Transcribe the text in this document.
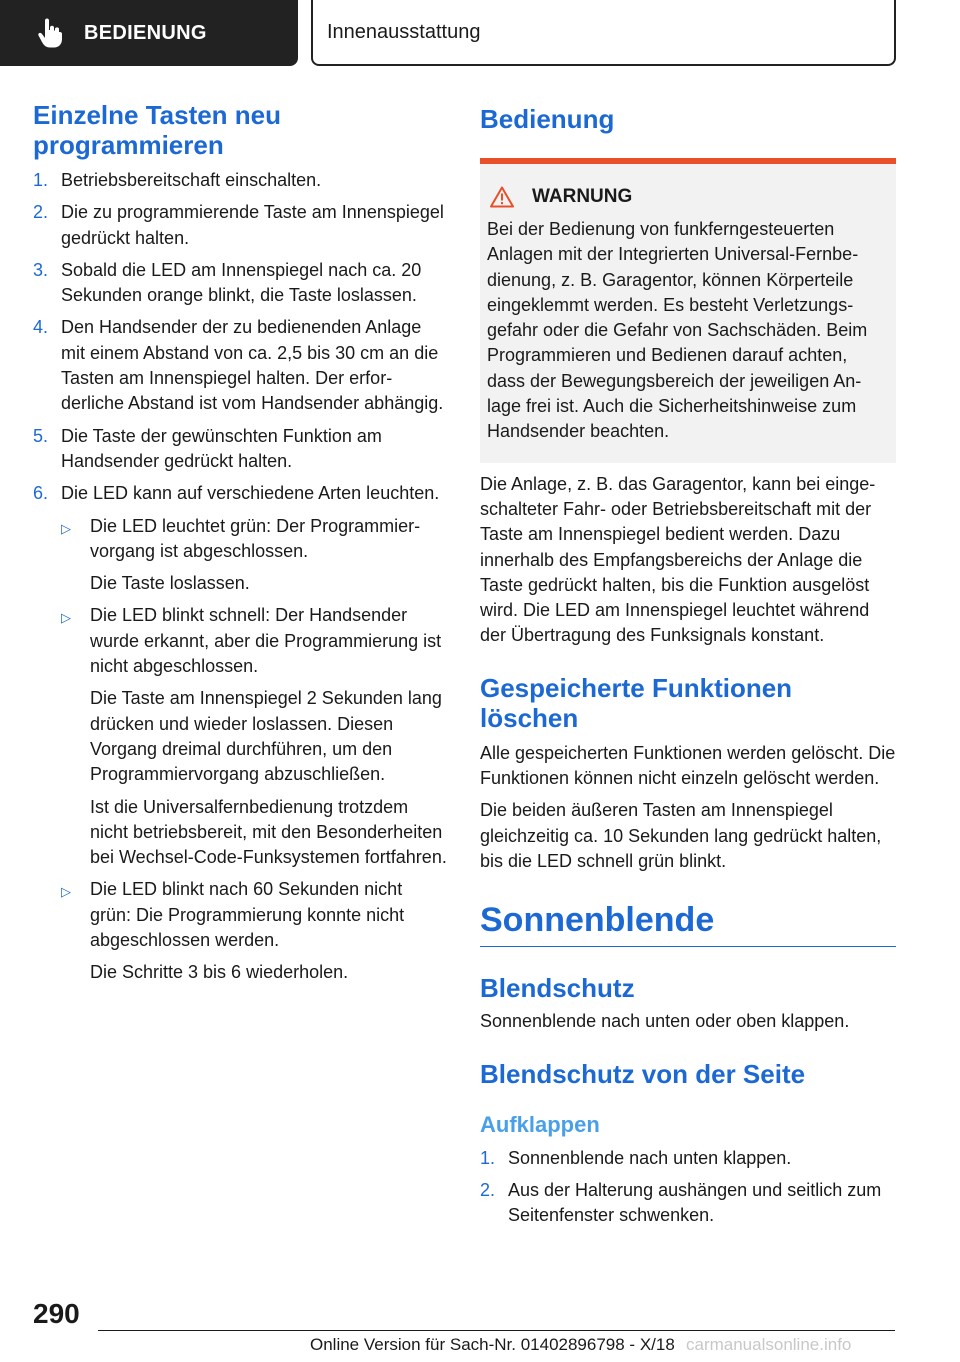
BEDIENUNG	Innenausstattung
Einzelne Tasten neu programmieren
1. Betriebsbereitschaft einschalten.
2. Die zu programmierende Taste am Innenspiegel gedrückt halten.
3. Sobald die LED am Innenspiegel nach ca. 20 Sekunden orange blinkt, die Taste loslassen.
4. Den Handsender der zu bedienenden Anlage mit einem Abstand von ca. 2,5 bis 30 cm an die Tasten am Innenspiegel halten. Der erforderliche Abstand ist vom Handsender abhängig.
5. Die Taste der gewünschten Funktion am Handsender gedrückt halten.
6. Die LED kann auf verschiedene Arten leuchten.
▷	Die LED leuchtet grün: Der Programmiervorgang ist abgeschlossen.
Die Taste loslassen.
▷	Die LED blinkt schnell: Der Handsender wurde erkannt, aber die Programmierung ist nicht abgeschlossen.
Die Taste am Innenspiegel 2 Sekunden lang drücken und wieder loslassen. Diesen Vorgang dreimal durchführen, um den Programmiervorgang abzuschließen.
Ist die Universalfernbedienung trotzdem nicht betriebsbereit, mit den Besonderheiten bei Wechsel-Code-Funksystemen fortfahren.
▷	Die LED blinkt nach 60 Sekunden nicht grün: Die Programmierung konnte nicht abgeschlossen werden.
Die Schritte 3 bis 6 wiederholen.
Bedienung
WARNUNG

Bei der Bedienung von funkferngesteuerten Anlagen mit der Integrierten Universal-Fernbedienung, z. B. Garagentor, können Körperteile eingeklemmt werden. Es besteht Verletzungsgefahr oder die Gefahr von Sachschäden. Beim Programmieren und Bedienen darauf achten, dass der Bewegungsbereich der jeweiligen Anlage frei ist. Auch die Sicherheitshinweise zum Handsender beachten.

Die Anlage, z. B. das Garagentor, kann bei eingeschalteter Fahr- oder Betriebsbereitschaft mit der Taste am Innenspiegel bedient werden. Dazu innerhalb des Empfangsbereichs der Anlage die Taste gedrückt halten, bis die Funktion ausgelöst wird. Die LED am Innenspiegel leuchtet während der Übertragung des Funksignals konstant.

Gespeicherte Funktionen löschen

Alle gespeicherten Funktionen werden gelöscht. Die Funktionen können nicht einzeln gelöscht werden.

Die beiden äußeren Tasten am Innenspiegel gleichzeitig ca. 10 Sekunden lang gedrückt halten, bis die LED schnell grün blinkt.

Sonnenblende
Blendschutz

Sonnenblende nach unten oder oben klappen.

Blendschutz von der Seite
Aufklappen
1. Sonnenblende nach unten klappen.
2. Aus der Halterung aushängen und seitlich zum Seitenfenster schwenken.
290
Online Version für Sach-Nr. 01402896798 - X/18 carmanualsonline.info
